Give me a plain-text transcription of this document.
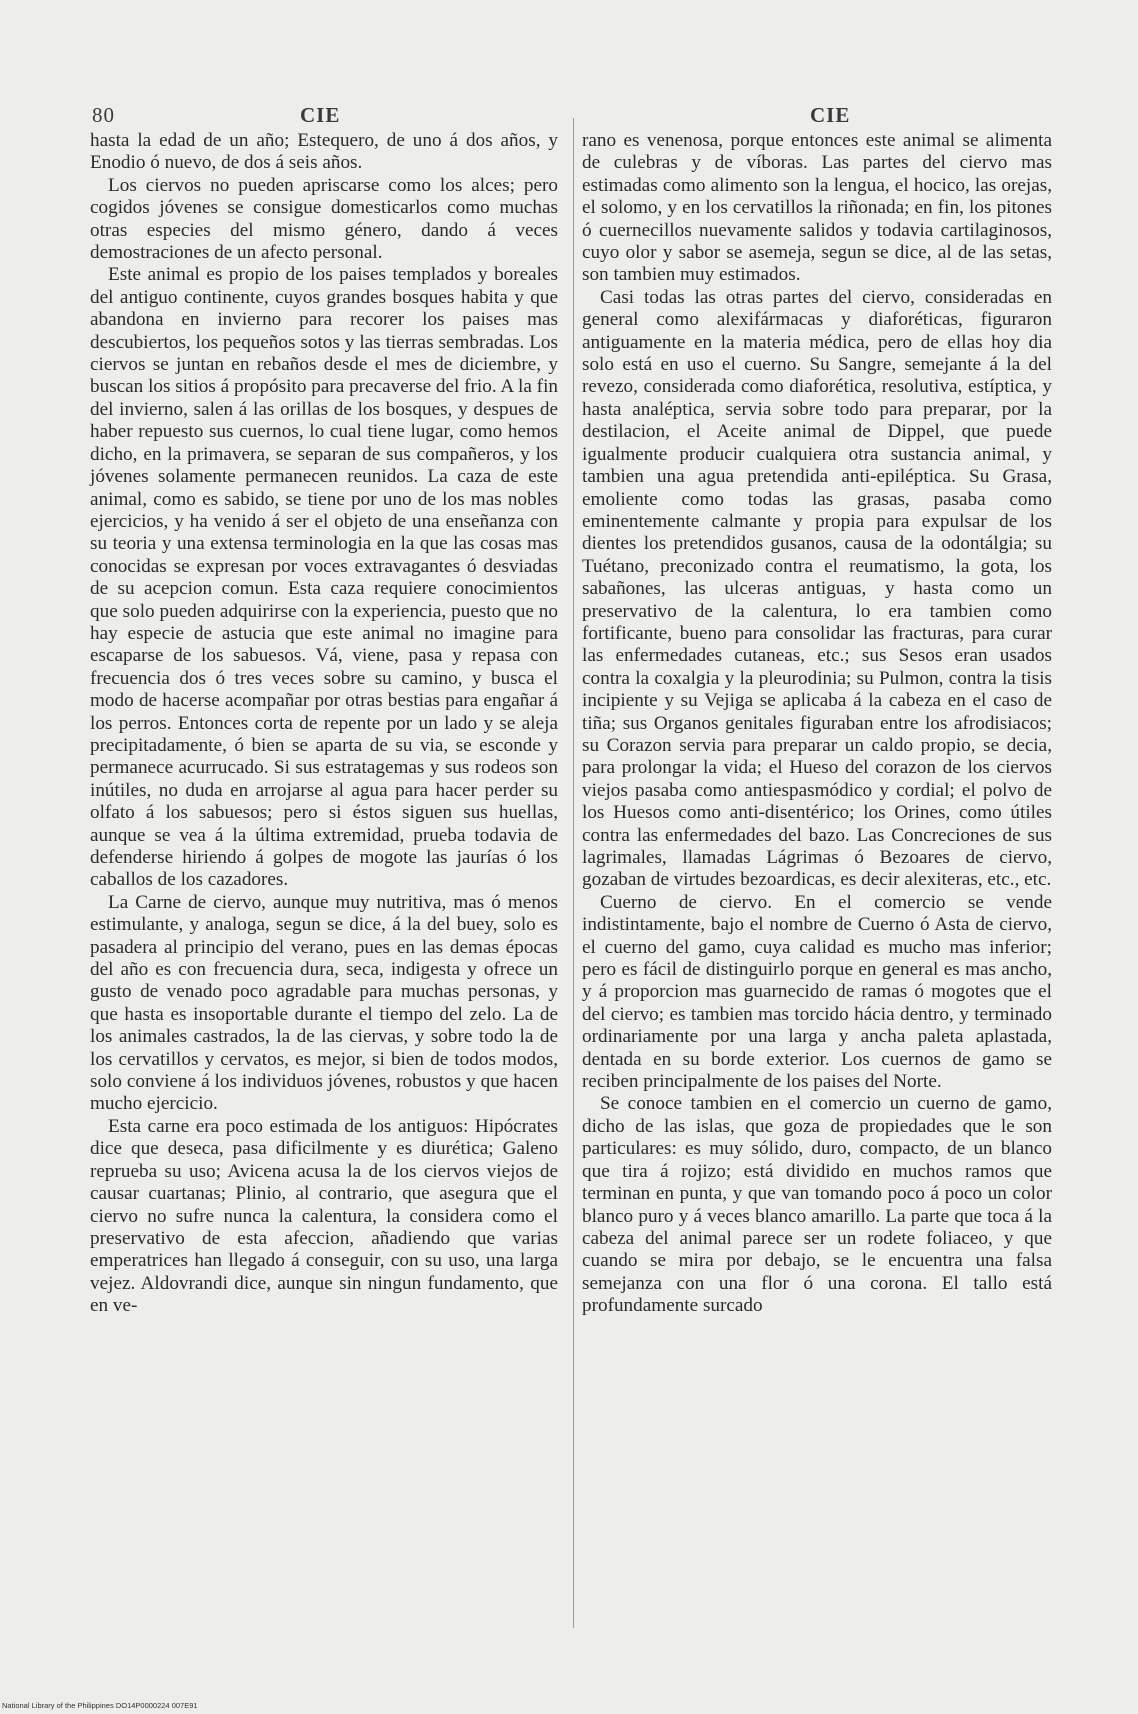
80	CIE	CIE

hasta la edad de un año; Estequero, de uno á dos años, y Enodio ó nuevo, de dos á seis años.

Los ciervos no pueden apriscarse como los alces; pero cogidos jóvenes se consigue domesticarlos como muchas otras especies del mismo género, dando á veces demostraciones de un afecto personal.

Este animal es propio de los paises templados y boreales del antiguo continente, cuyos grandes bosques habita y que abandona en invierno para recorer los paises mas descubiertos, los pequeños sotos y las tierras sembradas. Los ciervos se juntan en rebaños desde el mes de diciembre, y buscan los sitios á propósito para precaverse del frio. A la fin del invierno, salen á las orillas de los bosques, y despues de haber repuesto sus cuernos, lo cual tiene lugar, como hemos dicho, en la primavera, se separan de sus compañeros, y los jóvenes solamente permanecen reunidos. La caza de este animal, como es sabido, se tiene por uno de los mas nobles ejercicios, y ha venido á ser el objeto de una enseñanza con su teoria y una extensa terminologia en la que las cosas mas conocidas se expresan por voces extravagantes ó desviadas de su acepcion comun. Esta caza requiere conocimientos que solo pueden adquirirse con la experiencia, puesto que no hay especie de astucia que este animal no imagine para escaparse de los sabuesos. Vá, viene, pasa y repasa con frecuencia dos ó tres veces sobre su camino, y busca el modo de hacerse acompañar por otras bestias para engañar á los perros. Entonces corta de repente por un lado y se aleja precipitadamente, ó bien se aparta de su via, se esconde y permanece acurrucado. Si sus estratagemas y sus rodeos son inútiles, no duda en arrojarse al agua para hacer perder su olfato á los sabuesos; pero si éstos siguen sus huellas, aunque se vea á la última extremidad, prueba todavia de defenderse hiriendo á golpes de mogote las jaurías ó los caballos de los cazadores.

La Carne de ciervo, aunque muy nutritiva, mas ó menos estimulante, y analoga, segun se dice, á la del buey, solo es pasadera al principio del verano, pues en las demas épocas del año es con frecuencia dura, seca, indigesta y ofrece un gusto de venado poco agradable para muchas personas, y que hasta es insoportable durante el tiempo del zelo. La de los animales castrados, la de las ciervas, y sobre todo la de los cervatillos y cervatos, es mejor, si bien de todos modos, solo conviene á los individuos jóvenes, robustos y que hacen mucho ejercicio.

Esta carne era poco estimada de los antiguos: Hipócrates dice que deseca, pasa dificilmente y es diurética; Galeno reprueba su uso; Avicena acusa la de los ciervos viejos de causar cuartanas; Plinio, al contrario, que asegura que el ciervo no sufre nunca la calentura, la considera como el preservativo de esta afeccion, añadiendo que varias emperatrices han llegado á conseguir, con su uso, una larga vejez. Aldovrandi dice, aunque sin ningun fundamento, que en ve-

rano es venenosa, porque entonces este animal se alimenta de culebras y de víboras. Las partes del ciervo mas estimadas como alimento son la lengua, el hocico, las orejas, el solomo, y en los cervatillos la riñonada; en fin, los pitones ó cuernecillos nuevamente salidos y todavia cartilaginosos, cuyo olor y sabor se asemeja, segun se dice, al de las setas, son tambien muy estimados.

Casi todas las otras partes del ciervo, consideradas en general como alexifármacas y diaforéticas, figuraron antiguamente en la materia médica, pero de ellas hoy dia solo está en uso el cuerno. Su Sangre, semejante á la del revezo, considerada como diaforética, resolutiva, estíptica, y hasta analéptica, servia sobre todo para preparar, por la destilacion, el Aceite animal de Dippel, que puede igualmente producir cualquiera otra sustancia animal, y tambien una agua pretendida anti-epiléptica. Su Grasa, emoliente como todas las grasas, pasaba como eminentemente calmante y propia para expulsar de los dientes los pretendidos gusanos, causa de la odontálgia; su Tuétano, preconizado contra el reumatismo, la gota, los sabañones, las ulceras antiguas, y hasta como un preservativo de la calentura, lo era tambien como fortificante, bueno para consolidar las fracturas, para curar las enfermedades cutaneas, etc.; sus Sesos eran usados contra la coxalgia y la pleurodinia; su Pulmon, contra la tisis incipiente y su Vejiga se aplicaba á la cabeza en el caso de tiña; sus Organos genitales figuraban entre los afrodisiacos; su Corazon servia para preparar un caldo propio, se decia, para prolongar la vida; el Hueso del corazon de los ciervos viejos pasaba como antiespasmódico y cordial; el polvo de los Huesos como anti-disentérico; los Orines, como útiles contra las enfermedades del bazo. Las Concreciones de sus lagrimales, llamadas Lágrimas ó Bezoares de ciervo, gozaban de virtudes bezoardicas, es decir alexiteras, etc., etc.

Cuerno de ciervo. En el comercio se vende indistintamente, bajo el nombre de Cuerno ó Asta de ciervo, el cuerno del gamo, cuya calidad es mucho mas inferior; pero es fácil de distinguirlo porque en general es mas ancho, y á proporcion mas guarnecido de ramas ó mogotes que el del ciervo; es tambien mas torcido hácia dentro, y terminado ordinariamente por una larga y ancha paleta aplastada, dentada en su borde exterior. Los cuernos de gamo se reciben principalmente de los paises del Norte.

Se conoce tambien en el comercio un cuerno de gamo, dicho de las islas, que goza de propiedades que le son particulares: es muy sólido, duro, compacto, de un blanco que tira á rojizo; está dividido en muchos ramos que terminan en punta, y que van tomando poco á poco un color blanco puro y á veces blanco amarillo. La parte que toca á la cabeza del animal parece ser un rodete foliaceo, y que cuando se mira por debajo, se le encuentra una falsa semejanza con una flor ó una corona. El tallo está profundamente surcado

National Library of the Philippines DO14P0000224 007E91
